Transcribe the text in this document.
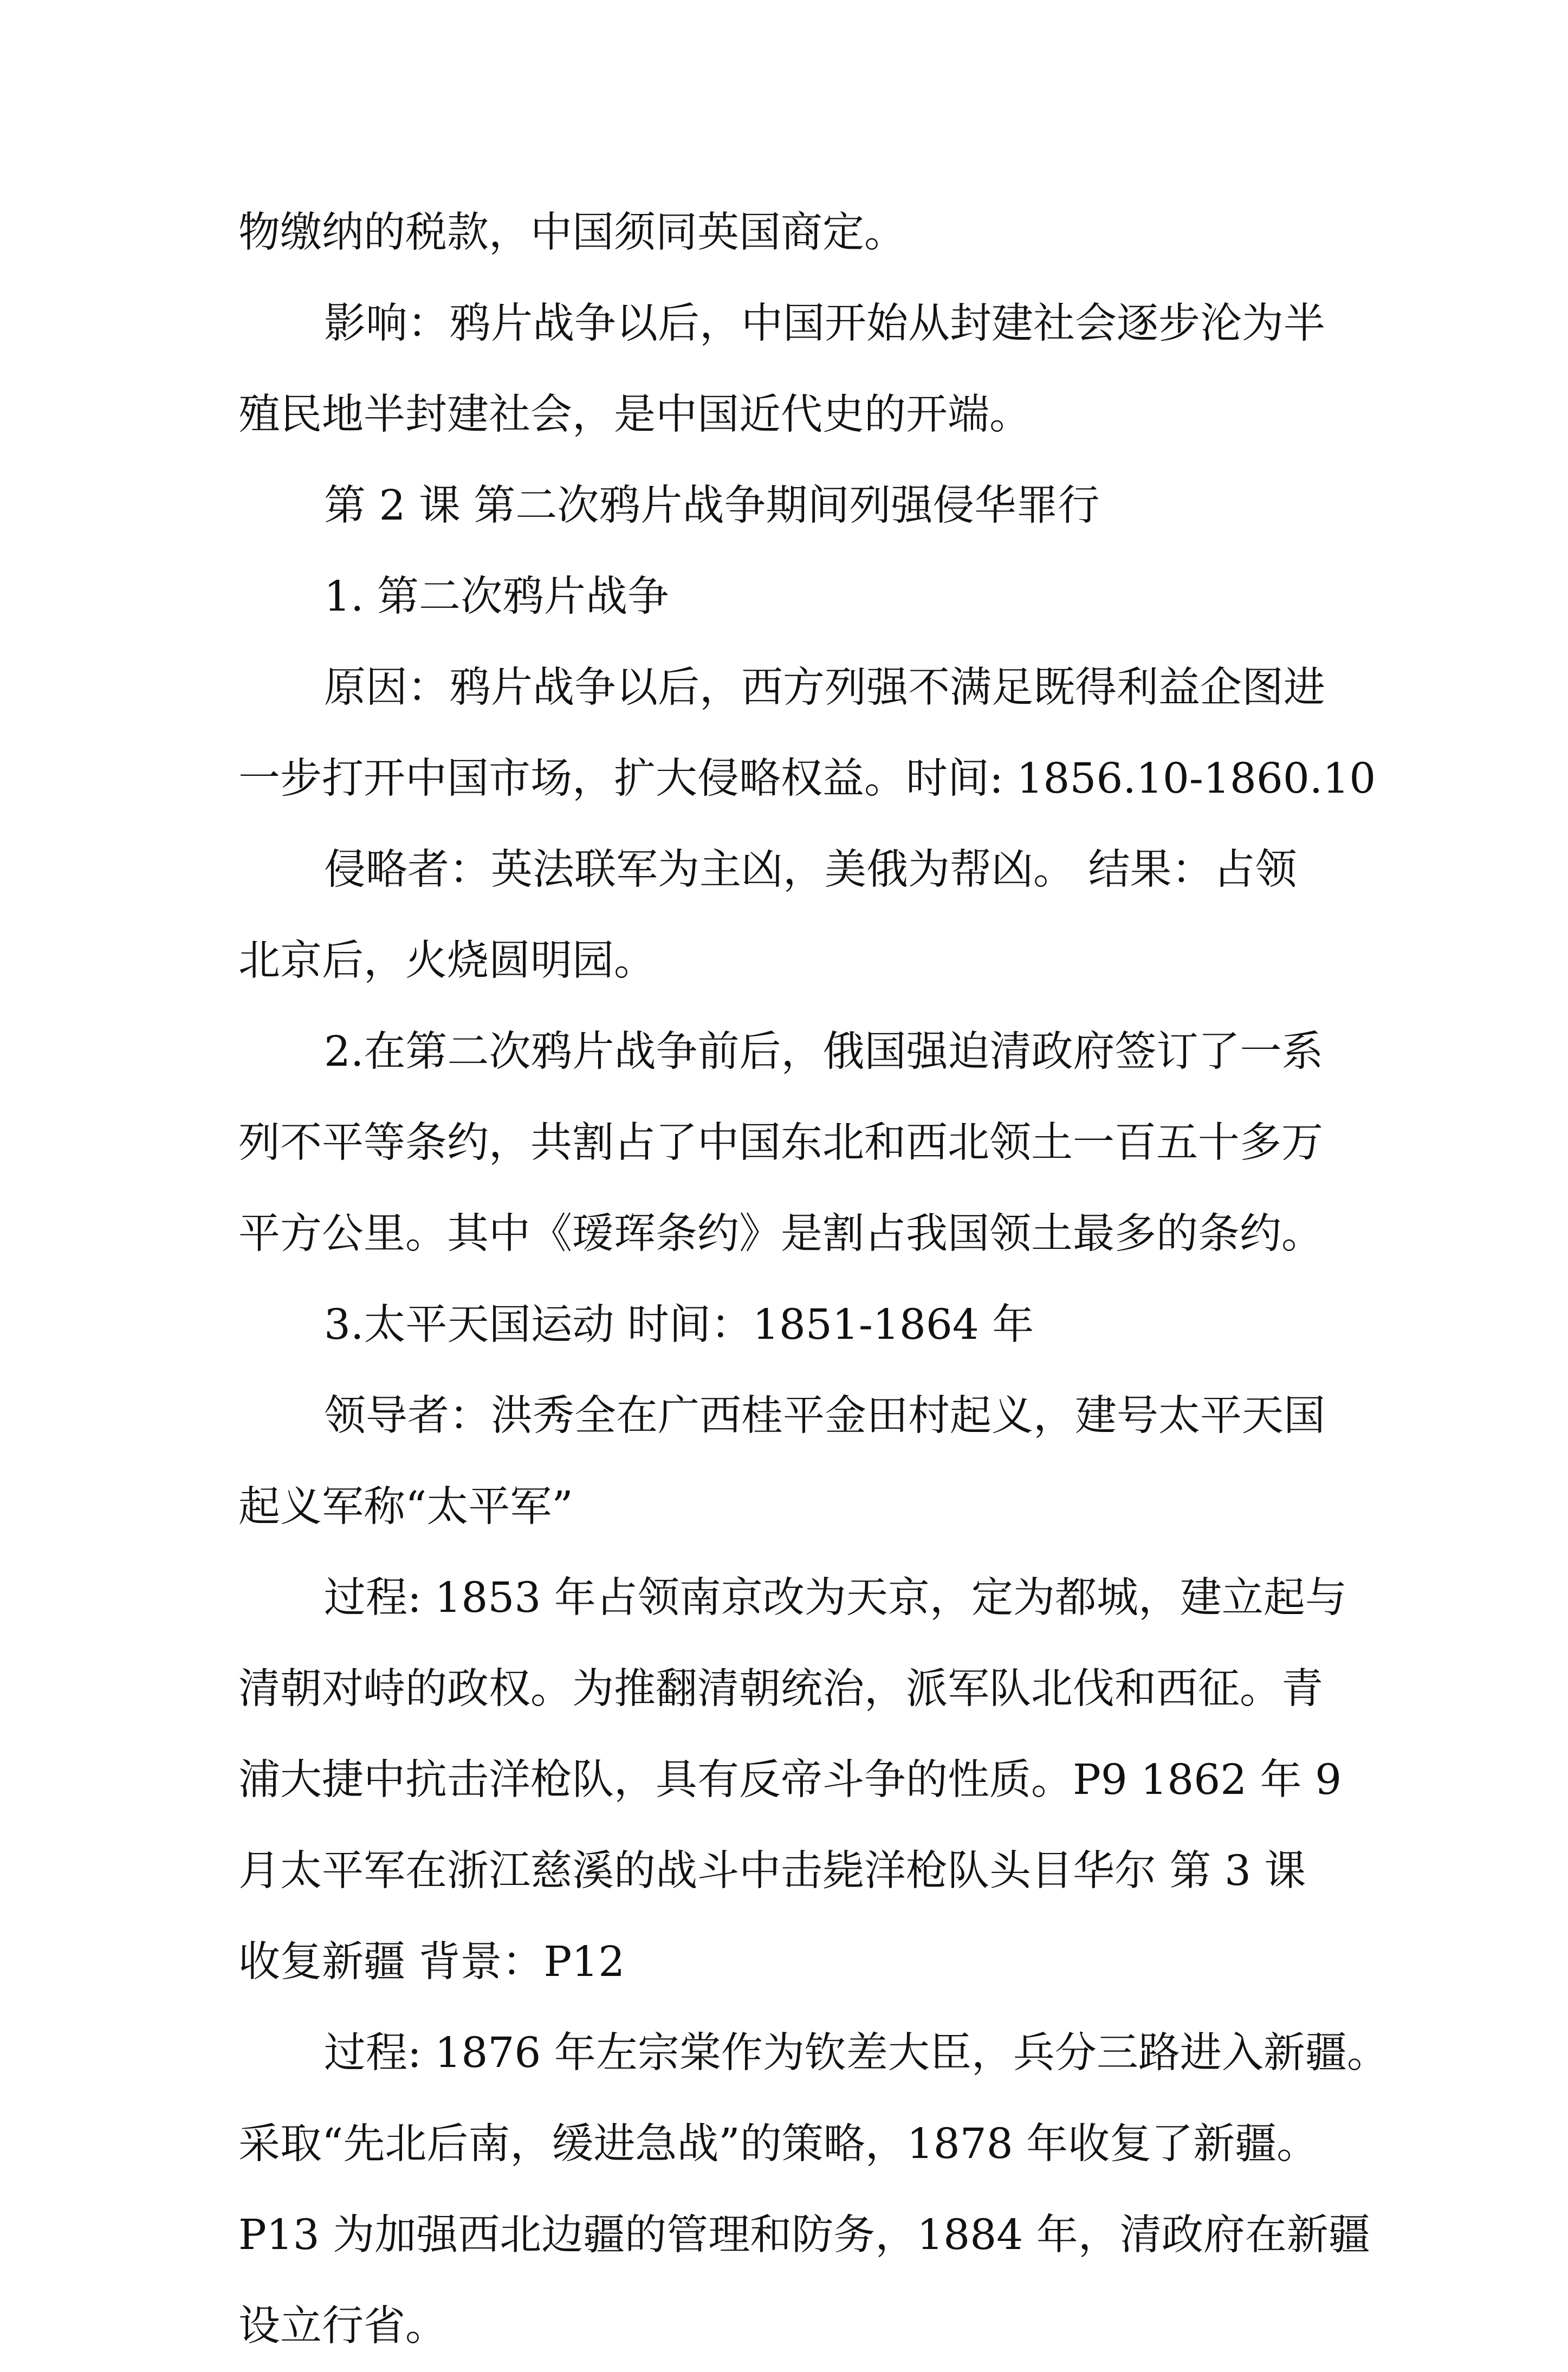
物缴纳的税款，中国须同英国商定。
影响：鸦片战争以后，中国开始从封建社会逐步沦为半
殖民地半封建社会，是中国近代史的开端。
第 2 课 第二次鸦片战争期间列强侵华罪行
1. 第二次鸦片战争
原因：鸦片战争以后，西方列强不满足既得利益企图进
一步打开中国市场，扩大侵略权益。时间: 1856.10-1860.10
侵略者：英法联军为主凶，美俄为帮凶。 结果：占领
北京后，火烧圆明园。
2.在第二次鸦片战争前后，俄国强迫清政府签订了一系
列不平等条约，共割占了中国东北和西北领土一百五十多万
平方公里。其中《瑷珲条约》是割占我国领土最多的条约。
3.太平天国运动 时间：1851-1864 年
领导者：洪秀全在广西桂平金田村起义，建号太平天国
起义军称“太平军”
过程: 1853 年占领南京改为天京，定为都城，建立起与
清朝对峙的政权。为推翻清朝统治，派军队北伐和西征。青
浦大捷中抗击洋枪队，具有反帝斗争的性质。P9 1862 年 9
月太平军在浙江慈溪的战斗中击毙洋枪队头目华尔 第 3 课
收复新疆 背景：P12
过程: 1876 年左宗棠作为钦差大臣，兵分三路进入新疆。
采取“先北后南，缓进急战”的策略，1878 年收复了新疆。
P13 为加强西北边疆的管理和防务，1884 年，清政府在新疆
设立行省。
